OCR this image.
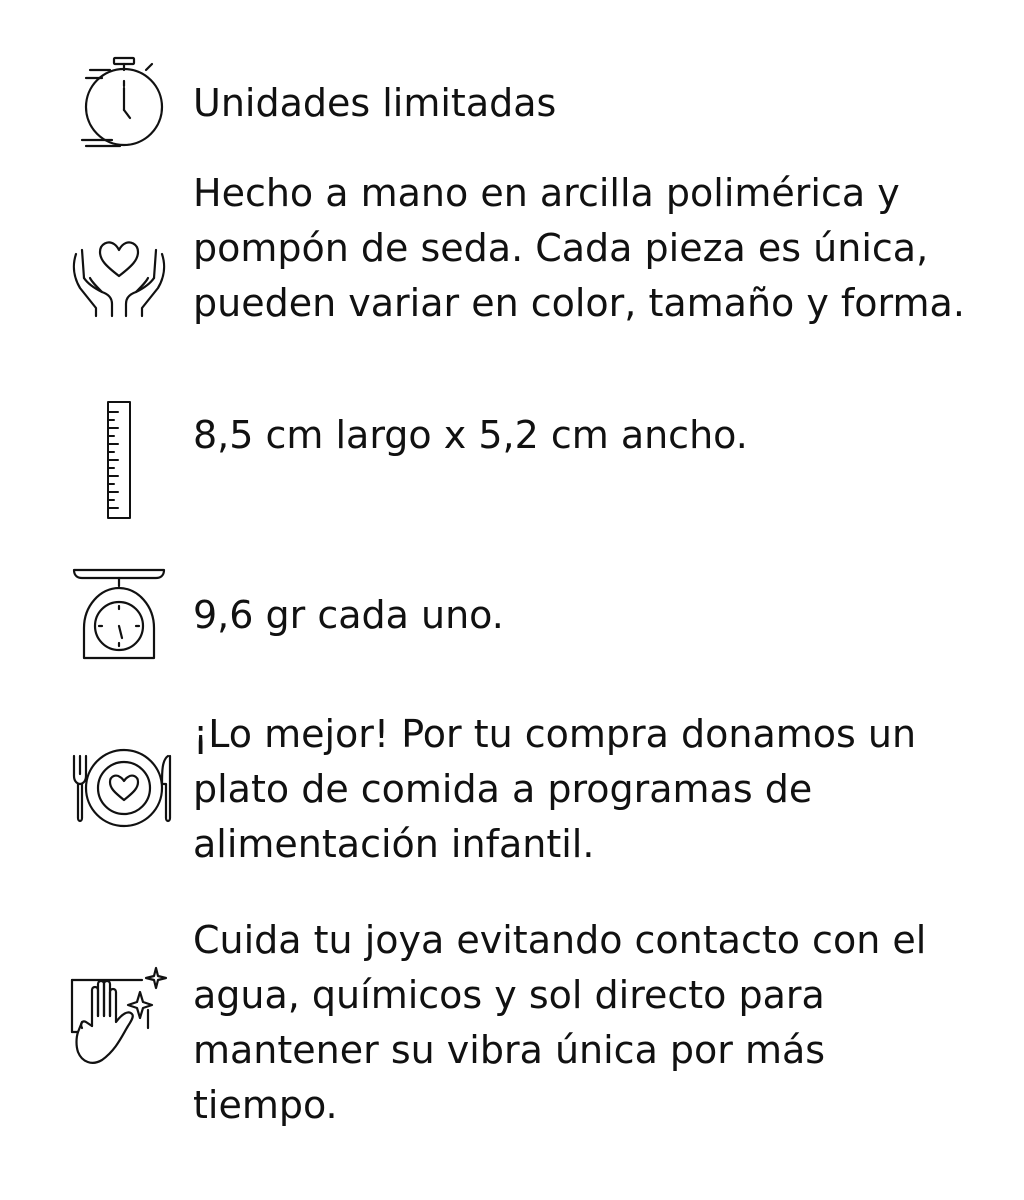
Unidades limitadas

Hecho a mano en arcilla polimérica y
pompón de seda. Cada pieza es única,
pueden variar en color, tamaño y forma.

8,5 cm largo x 5,2 cm ancho.

9,6 gr cada uno.

¡Lo mejor! Por tu compra donamos un
plato de comida a programas de
alimentación infantil.

Cuida tu joya evitando contacto con el
agua, químicos y sol directo para
mantener su vibra única por más
tiempo.
